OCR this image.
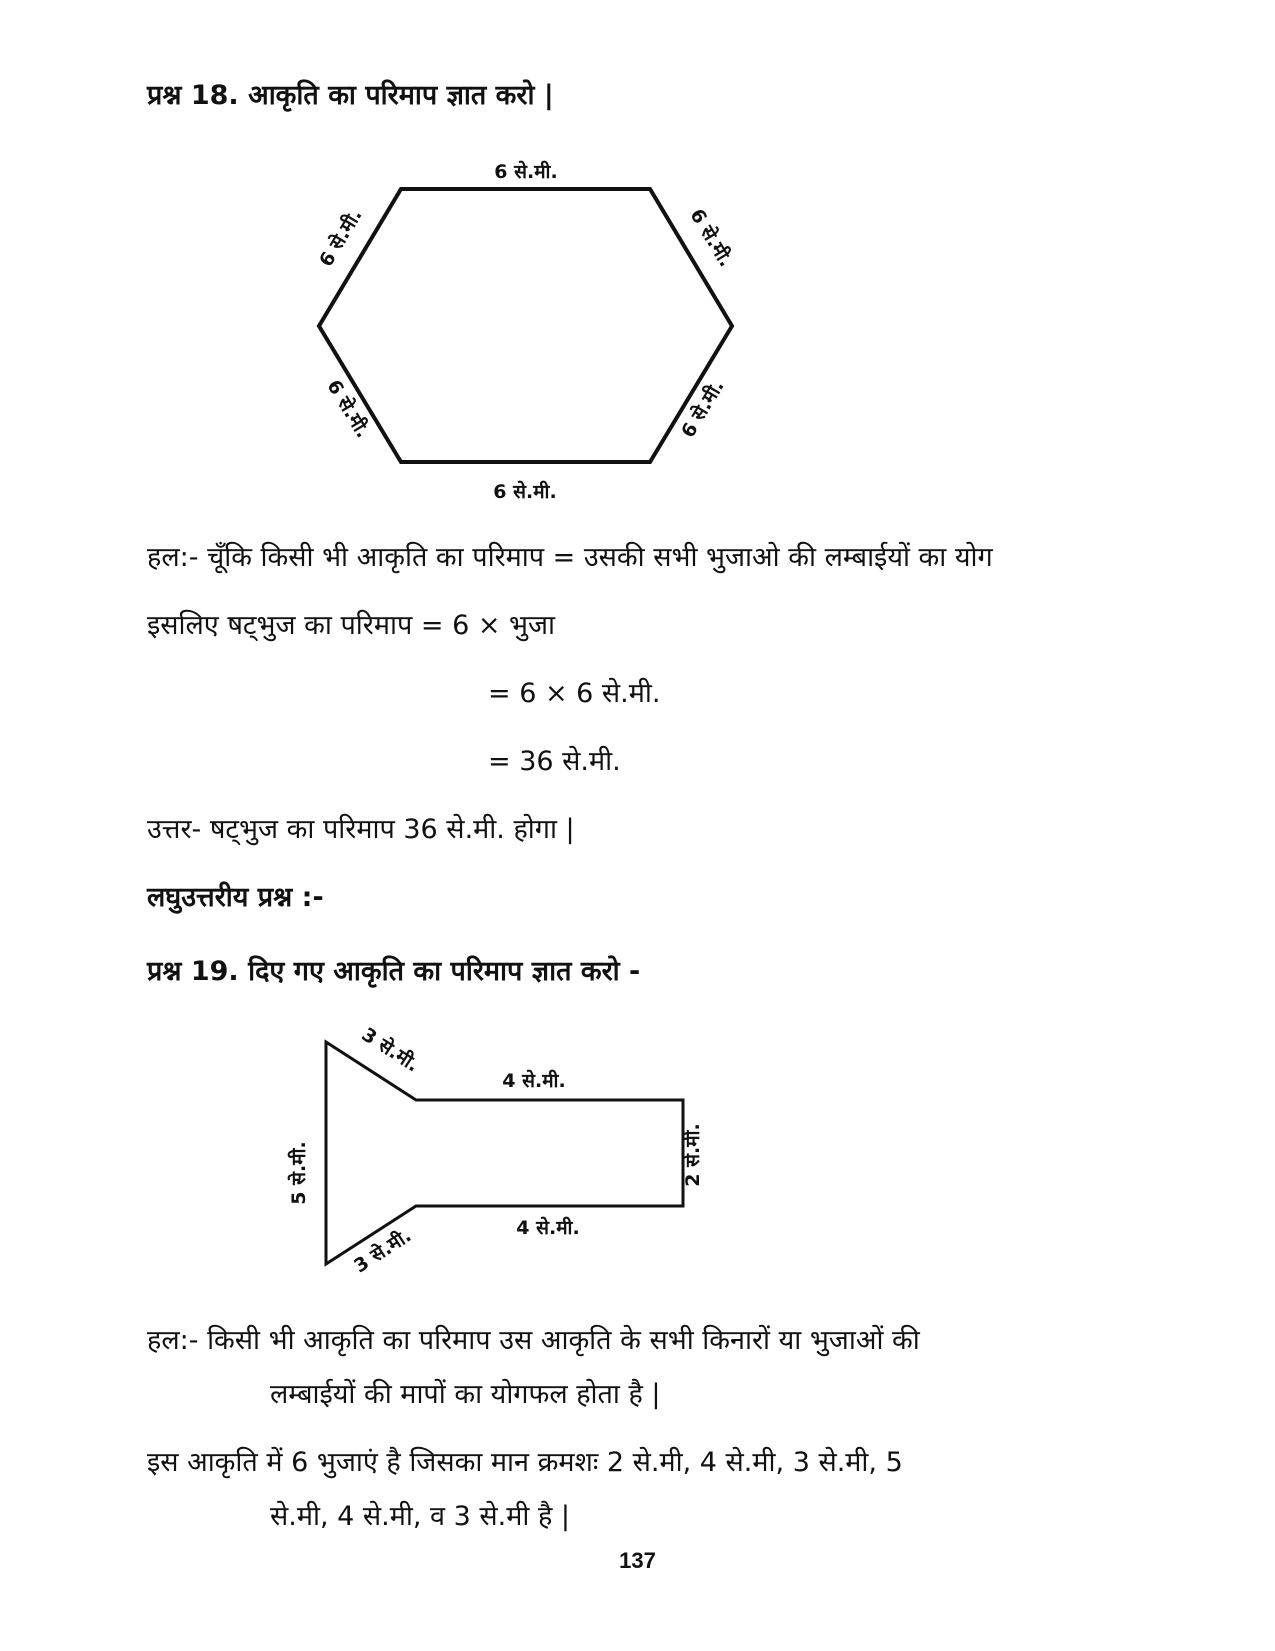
प्रश्न 18. आकृति का परिमाप ज्ञात करो |
6 से.मी.
6 से.मी.
6 से.मी.	6 से.मी.
6 से.मी.	6 से.मी.
हल:- चूँकि किसी भी आकृति का परिमाप = उसकी सभी भुजाओ की लम्बाईयों का योग
इसलिए षट्भुज का परिमाप = 6 × भुजा
= 6 × 6 से.मी.
= 36 से.मी.
उत्तर- षट्भुज का परिमाप 36 से.मी. होगा |
लघुउत्तरीय प्रश्न :-
प्रश्न 19. दिए गए आकृति का परिमाप ज्ञात करो -
3 से.मी.
4 से.मी.
2 से.मी.
4 से.मी.
3 से.मी.
5 से.मी.
हल:- किसी भी आकृति का परिमाप उस आकृति के सभी किनारों या भुजाओं की
लम्बाईयों की मापों का योगफल होता है |
इस आकृति में 6 भुजाएं है जिसका मान क्रमशः 2 से.मी, 4 से.मी, 3 से.मी, 5
से.मी, 4 से.मी, व 3 से.मी है |
137
